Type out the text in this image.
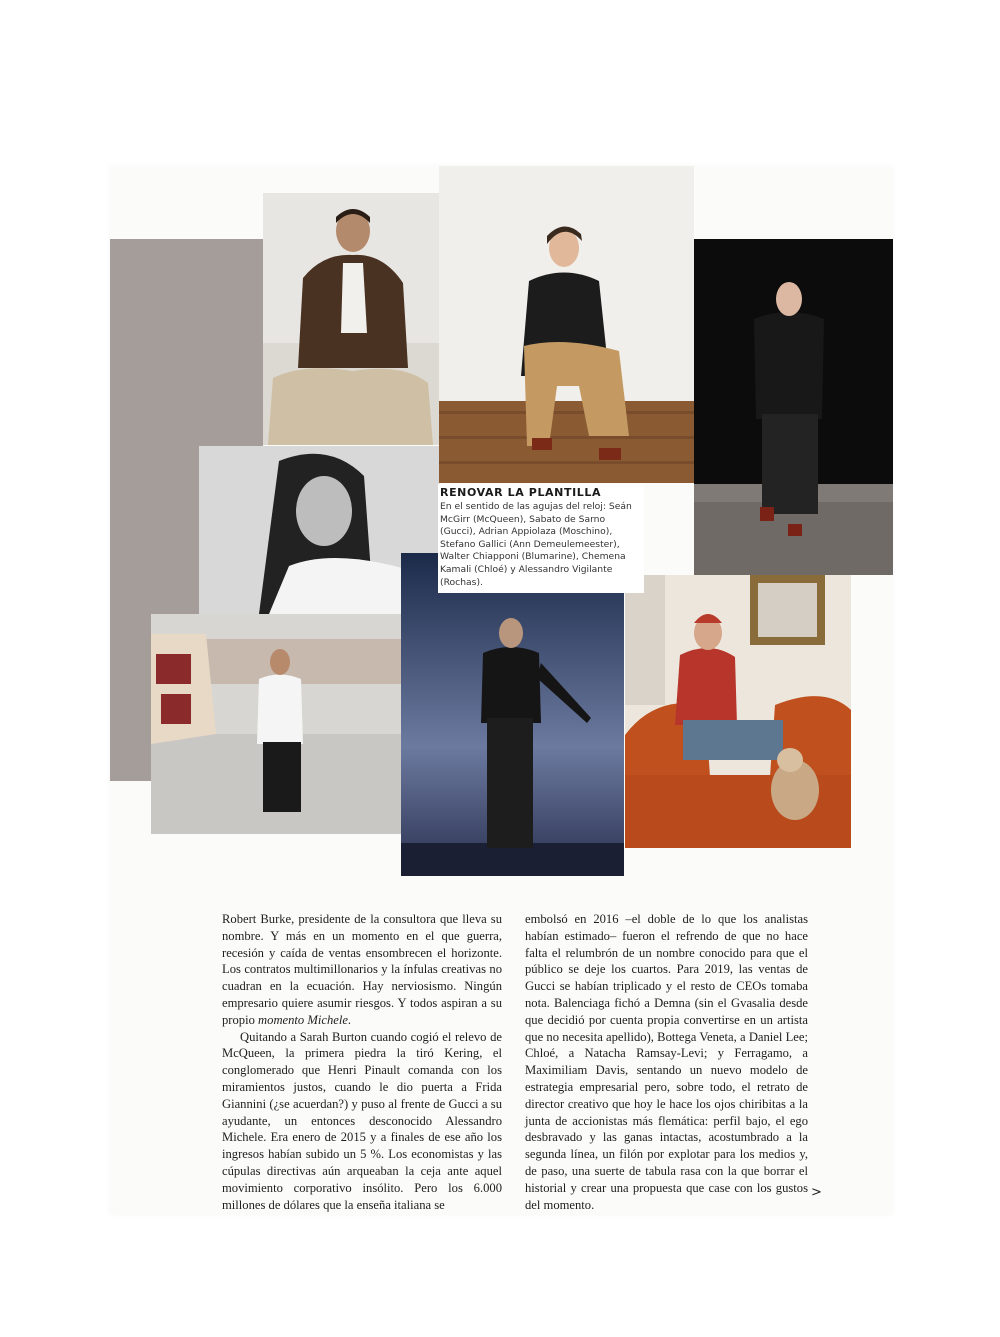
RENOVAR LA PLANTILLA
En el sentido de las agujas del reloj: Seán McGirr (McQueen), Sabato de Sarno (Gucci), Adrian Appiolaza (Moschino), Stefano Gallici (Ann Demeulemeester), Walter Chiapponi (Blumarine), Chemena Kamali (Chloé) y Alessandro Vigilante (Rochas).

Robert Burke, presidente de la consultora que lleva su nombre. Y más en un momento en el que guerra, recesión y caída de ventas ensombrecen el horizonte. Los contratos multimillonarios y la ínfulas creativas no cuadran en la ecuación. Hay nerviosismo. Ningún empresario quiere asumir riesgos. Y todos aspiran a su propio momento Michele.

Quitando a Sarah Burton cuando cogió el relevo de McQueen, la primera piedra la tiró Kering, el conglomerado que Henri Pinault comanda con los miramientos justos, cuando le dio puerta a Frida Giannini (¿se acuerdan?) y puso al frente de Gucci a su ayudante, un entonces desconocido Alessandro Michele. Era enero de 2015 y a finales de ese año los ingresos habían subido un 5 %. Los economistas y las cúpulas directivas aún arqueaban la ceja ante aquel movimiento corporativo insólito. Pero los 6.000 millones de dólares que la enseña italiana se

embolsó en 2016 –el doble de lo que los analistas habían estimado– fueron el refrendo de que no hace falta el relumbrón de un nombre conocido para que el público se deje los cuartos. Para 2019, las ventas de Gucci se habían triplicado y el resto de CEOs tomaba nota. Balenciaga fichó a Demna (sin el Gvasalia desde que decidió por cuenta propia convertirse en un artista que no necesita apellido), Bottega Veneta, a Daniel Lee; Chloé, a Natacha Ramsay-Levi; y Ferragamo, a Maximiliam Davis, sentando un nuevo modelo de estrategia empresarial pero, sobre todo, el retrato de director creativo que hoy le hace los ojos chiribitas a la junta de accionistas más flemática: perfil bajo, el ego desbravado y las ganas intactas, acostumbrado a la segunda línea, un filón por explotar para los medios y, de paso, una suerte de tabula rasa con la que borrar el historial y crear una propuesta que case con los gustos del momento.

>
